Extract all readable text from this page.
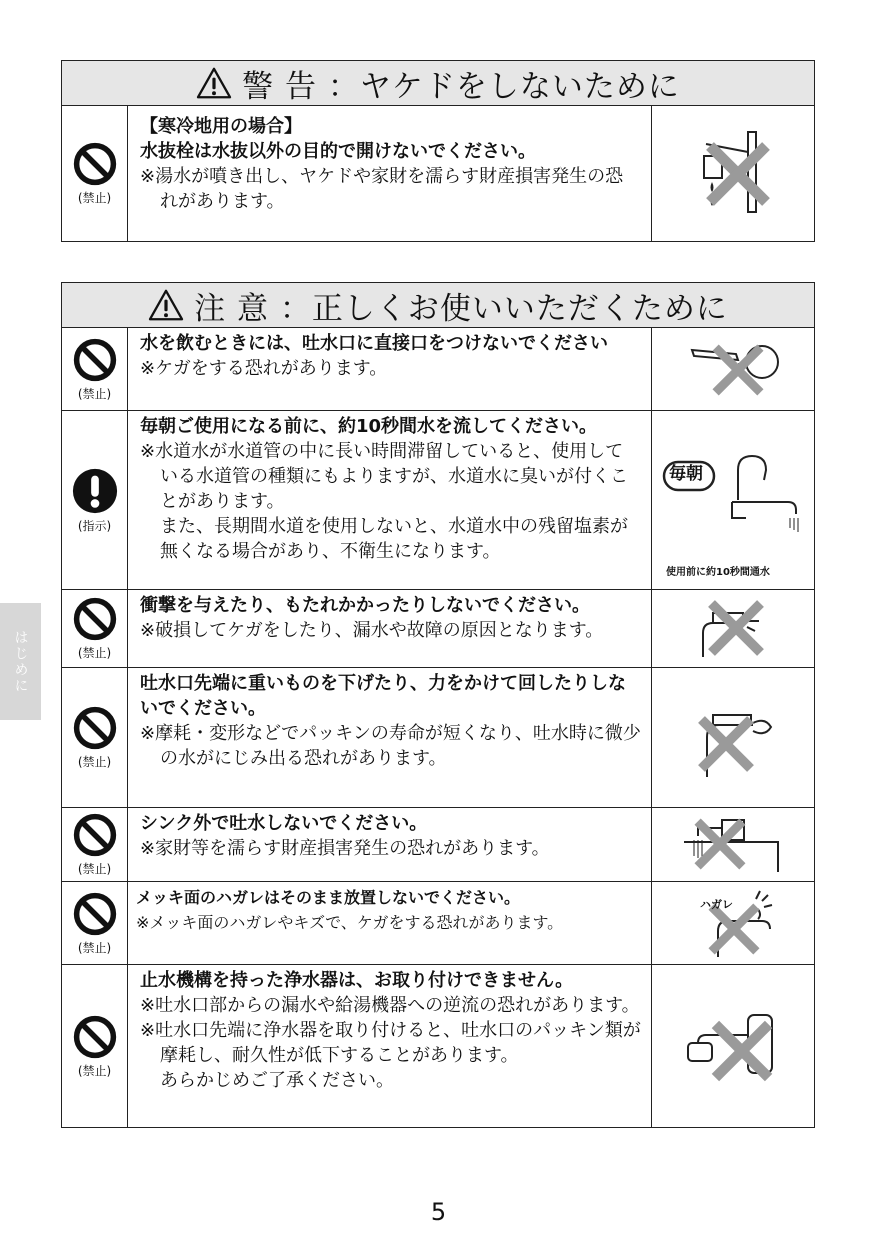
はじめに
警 告 ：ヤケドをしないために
(禁止)
【寒冷地用の場合】
水抜栓は水抜以外の目的で開けないでください。
※湯水が噴き出し、ヤケドや家財を濡らす財産損害発生の恐れがあります。
注 意 ：正しくお使いいただくために
(禁止)
水を飲むときには、吐水口に直接口をつけないでください
※ケガをする恐れがあります。
(指示)
毎朝ご使用になる前に、約10秒間水を流してください。
※水道水が水道管の中に長い時間滞留していると、使用している水道管の種類にもよりますが、水道水に臭いが付くことがあります。
また、長期間水道を使用しないと、水道水中の残留塩素が無くなる場合があり、不衛生になります。
毎朝
使用前に約10秒間通水
(禁止)
衝撃を与えたり、もたれかかったりしないでください。
※破損してケガをしたり、漏水や故障の原因となります。
(禁止)
吐水口先端に重いものを下げたり、力をかけて回したりしないでください。
※摩耗・変形などでパッキンの寿命が短くなり、吐水時に微少の水がにじみ出る恐れがあります。
(禁止)
シンク外で吐水しないでください。
※家財等を濡らす財産損害発生の恐れがあります。
(禁止)
メッキ面のハガレはそのまま放置しないでください。
※メッキ面のハガレやキズで、ケガをする恐れがあります。
ハガレ
(禁止)
止水機構を持った浄水器は、お取り付けできません。
※吐水口部からの漏水や給湯機器への逆流の恐れがあります。
※吐水口先端に浄水器を取り付けると、吐水口のパッキン類が摩耗し、耐久性が低下することがあります。
あらかじめご了承ください。
5
